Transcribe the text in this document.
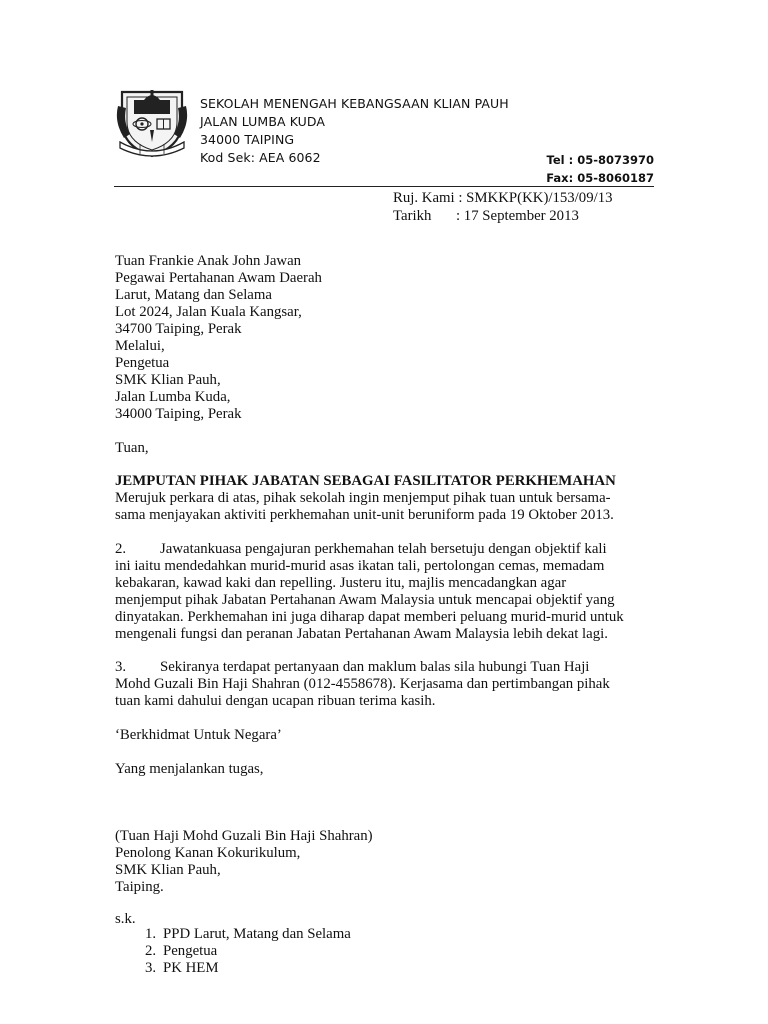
SEKOLAH MENENGAH KEBANGSAAN KLIAN PAUH
JALAN LUMBA KUDA
34000 TAIPING
Kod Sek: AEA 6062	Tel : 05-8073970
Fax: 05-8060187
Ruj. Kami : SMKKP(KK)/153/09/13
Tarikh : 17 September 2013
Tuan Frankie Anak John Jawan
Pegawai Pertahanan Awam Daerah
Larut, Matang dan Selama
Lot 2024, Jalan Kuala Kangsar,
34700 Taiping, Perak
Melalui,
Pengetua
SMK Klian Pauh,
Jalan Lumba Kuda,
34000 Taiping, Perak
Tuan,
JEMPUTAN PIHAK JABATAN SEBAGAI FASILITATOR PERKHEMAHAN
Merujuk perkara di atas, pihak sekolah ingin menjemput pihak tuan untuk bersama-
sama menjayakan aktiviti perkhemahan unit-unit beruniform pada 19 Oktober 2013.
2. Jawatankuasa pengajuran perkhemahan telah bersetuju dengan objektif kali
ini iaitu mendedahkan murid-murid asas ikatan tali, pertolongan cemas, memadam
kebakaran, kawad kaki dan repelling. Justeru itu, majlis mencadangkan agar
menjemput pihak Jabatan Pertahanan Awam Malaysia untuk mencapai objektif yang
dinyatakan. Perkhemahan ini juga diharap dapat memberi peluang murid-murid untuk
mengenali fungsi dan peranan Jabatan Pertahanan Awam Malaysia lebih dekat lagi.
3. Sekiranya terdapat pertanyaan dan maklum balas sila hubungi Tuan Haji
Mohd Guzali Bin Haji Shahran (012-4558678). Kerjasama dan pertimbangan pihak
tuan kami dahului dengan ucapan ribuan terima kasih.
‘Berkhidmat Untuk Negara’
Yang menjalankan tugas,
(Tuan Haji Mohd Guzali Bin Haji Shahran)
Penolong Kanan Kokurikulum,
SMK Klian Pauh,
Taiping.
s.k.
1. PPD Larut, Matang dan Selama
2. Pengetua
3. PK HEM
